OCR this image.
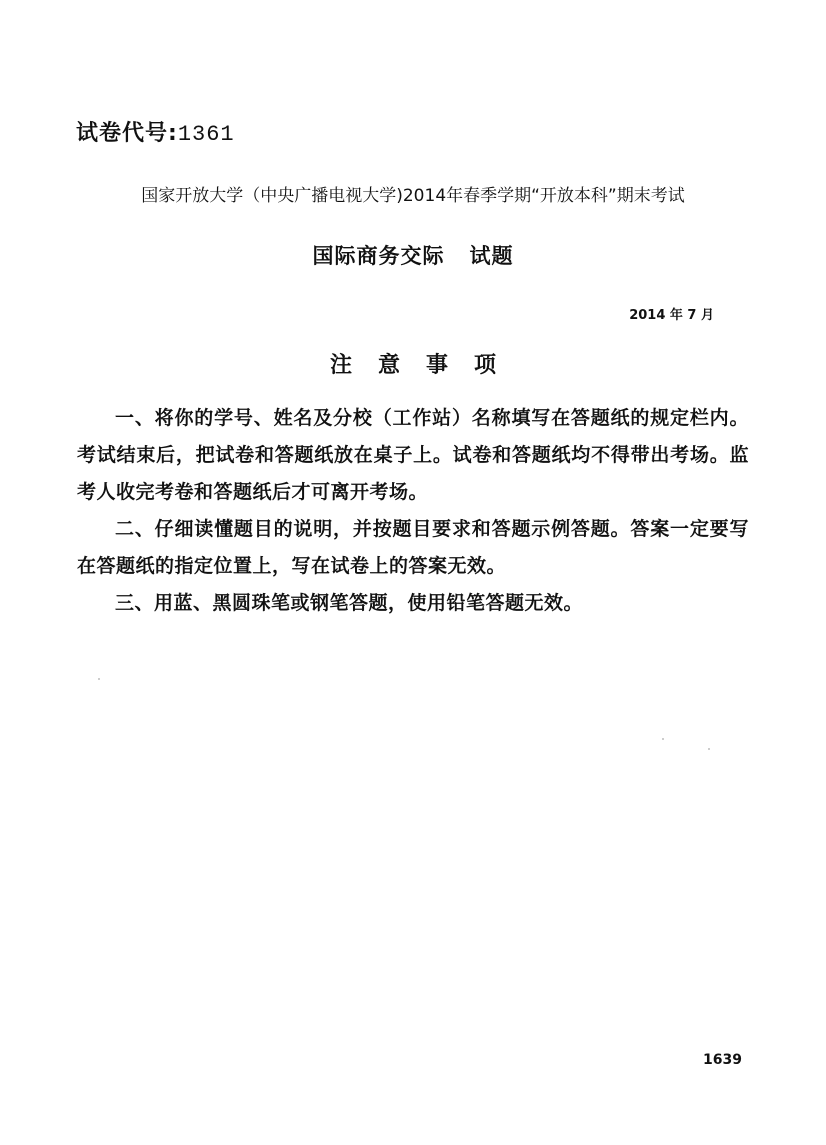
试卷代号:1361
国家开放大学（中央广播电视大学)2014年春季学期“开放本科”期末考试
国际商务交际   试题
2014 年 7 月
注意事项

一、将你的学号、姓名及分校（工作站）名称填写在答题纸的规定栏内。考试结束后，把试卷和答题纸放在桌子上。试卷和答题纸均不得带出考场。监考人收完考卷和答题纸后才可离开考场。

二、仔细读懂题目的说明，并按题目要求和答题示例答题。答案一定要写在答题纸的指定位置上，写在试卷上的答案无效。

三、用蓝、黑圆珠笔或钢笔答题，使用铅笔答题无效。

1639
